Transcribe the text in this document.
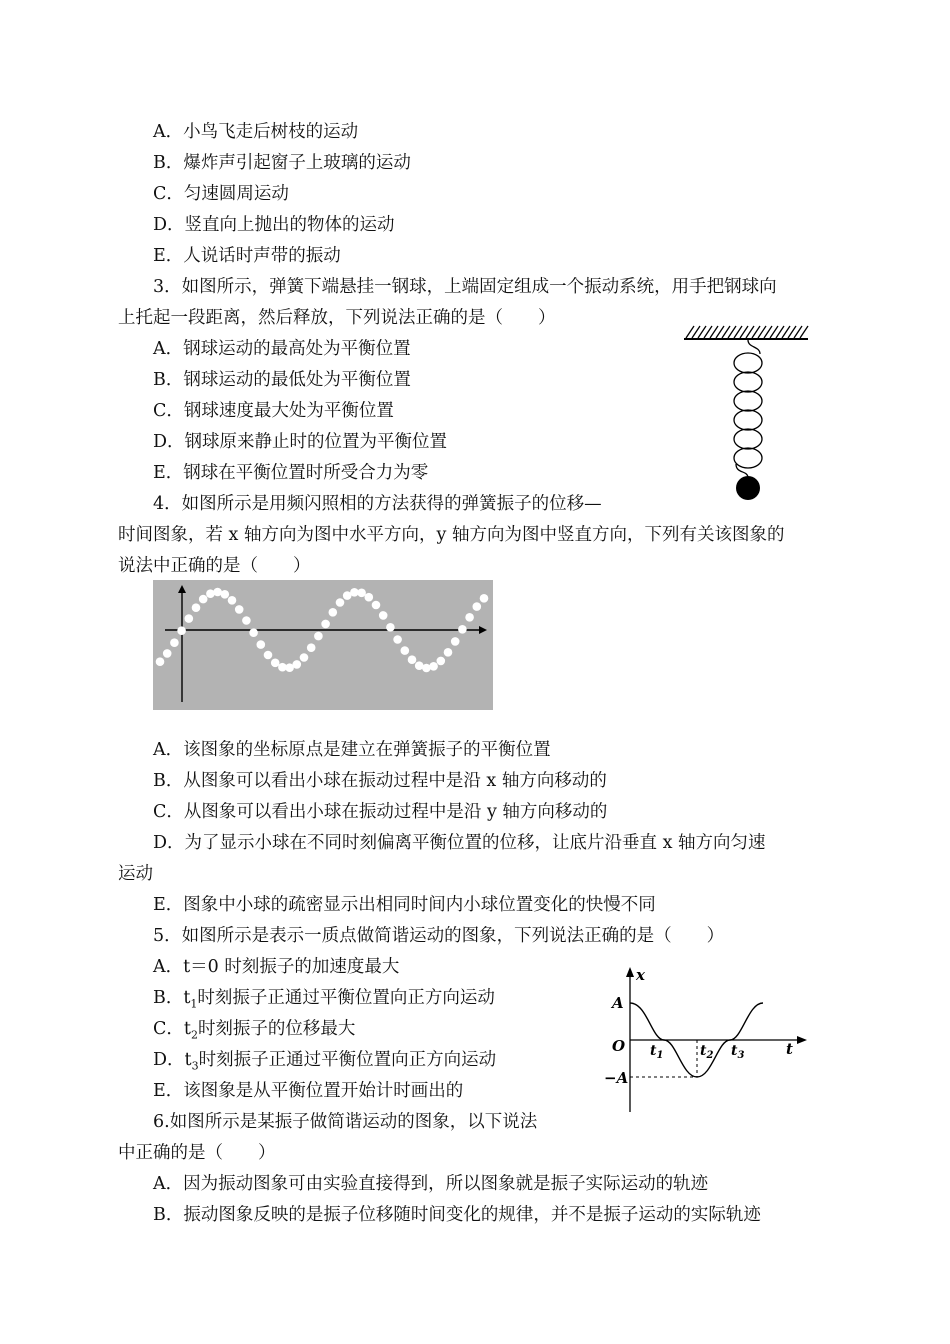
A．小鸟飞走后树枝的运动
B．爆炸声引起窗子上玻璃的运动
C．匀速圆周运动
D．竖直向上抛出的物体的运动
E．人说话时声带的振动
3．如图所示，弹簧下端悬挂一钢球，上端固定组成一个振动系统，用手把钢球向
上托起一段距离，然后释放，下列说法正确的是（　　）
A．钢球运动的最高处为平衡位置
B．钢球运动的最低处为平衡位置
C．钢球速度最大处为平衡位置
D．钢球原来静止时的位置为平衡位置
E．钢球在平衡位置时所受合力为零
4．如图所示是用频闪照相的方法获得的弹簧振子的位移—
时间图象，若 x 轴方向为图中水平方向，y 轴方向为图中竖直方向，下列有关该图象的
说法中正确的是（　　）
A．该图象的坐标原点是建立在弹簧振子的平衡位置
B．从图象可以看出小球在振动过程中是沿 x 轴方向移动的
C．从图象可以看出小球在振动过程中是沿 y 轴方向移动的
D．为了显示小球在不同时刻偏离平衡位置的位移，让底片沿垂直 x 轴方向匀速
运动
E．图象中小球的疏密显示出相同时间内小球位置变化的快慢不同
5．如图所示是表示一质点做简谐运动的图象，下列说法正确的是（　　）
A．t＝0 时刻振子的加速度最大
B．$t_1$时刻振子正通过平衡位置向正方向运动
C．$t_2$时刻振子的位移最大
D．$t_3$时刻振子正通过平衡位置向正方向运动
E．该图象是从平衡位置开始计时画出的
x
t
O
A
−A
$t_1$	$t_2$ $t_3$
6.如图所示是某振子做简谐运动的图象，以下说法
中正确的是（　　）
A．因为振动图象可由实验直接得到，所以图象就是振子实际运动的轨迹
B．振动图象反映的是振子位移随时间变化的规律，并不是振子运动的实际轨迹
